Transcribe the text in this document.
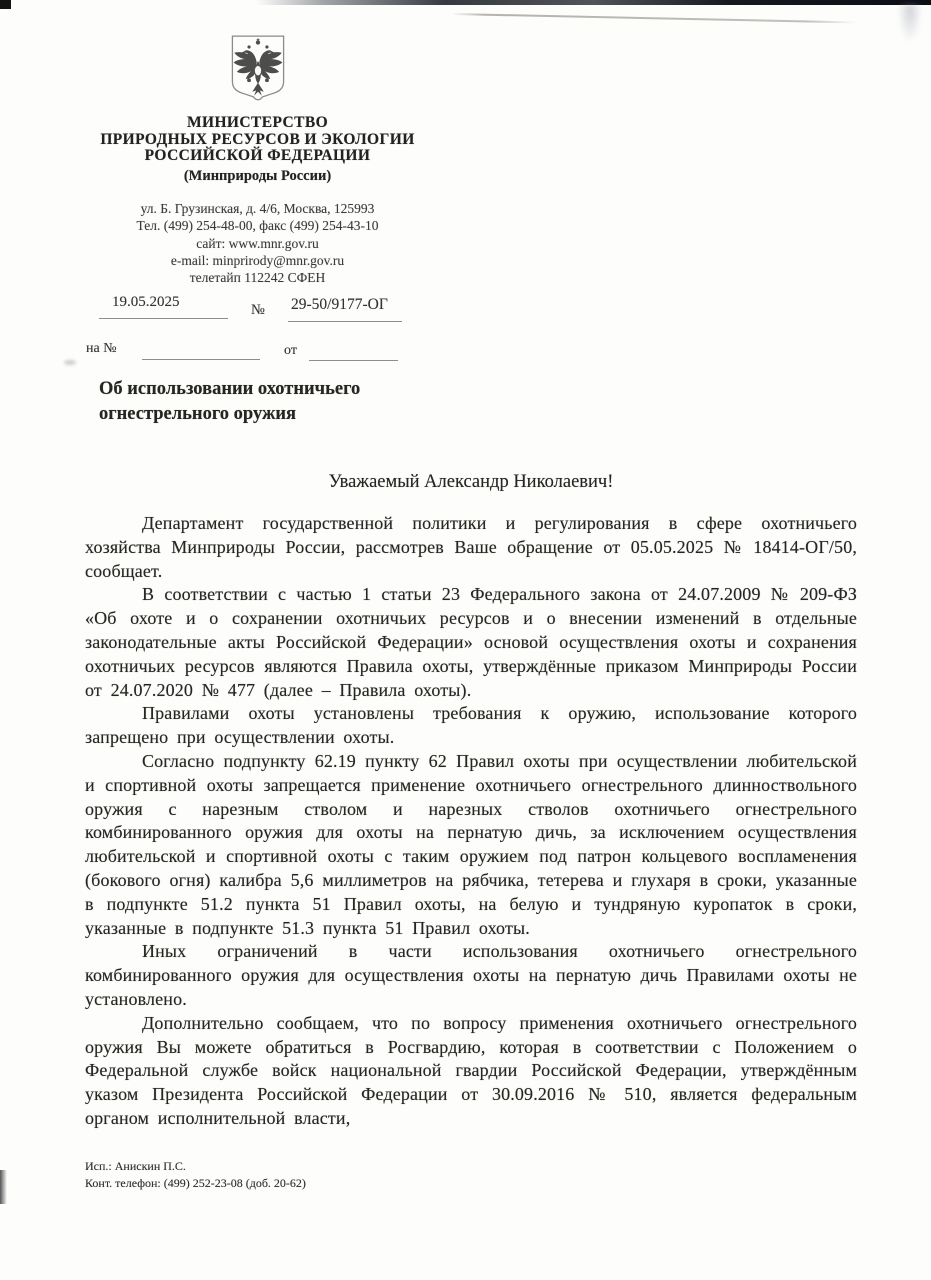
МИНИСТЕРСТВО
ПРИРОДНЫХ РЕСУРСОВ И ЭКОЛОГИИ
РОССИЙСКОЙ ФЕДЕРАЦИИ
(Минприроды России)
ул. Б. Грузинская, д. 4/6, Москва, 125993
Тел. (499) 254-48-00, факс (499) 254-43-10
сайт: www.mnr.gov.ru
e-mail: minprirody@mnr.gov.ru
телетайп 112242 СФЕН
19.05.2025	№ 29-50/9177-ОГ
на №	от
Об использовании охотничьего
огнестрельного оружия
Уважаемый Александр Николаевич!

Департамент государственной политики и регулирования в сфере охотничьего хозяйства Минприроды России, рассмотрев Ваше обращение от 05.05.2025 № 18414-ОГ/50, сообщает.

В соответствии с частью 1 статьи 23 Федерального закона от 24.07.2009 № 209-ФЗ «Об охоте и о сохранении охотничьих ресурсов и о внесении изменений в отдельные законодательные акты Российской Федерации» основой осуществления охоты и сохранения охотничьих ресурсов являются Правила охоты, утверждённые приказом Минприроды России от 24.07.2020 № 477 (далее – Правила охоты).

Правилами охоты установлены требования к оружию, использование которого запрещено при осуществлении охоты.

Согласно подпункту 62.19 пункту 62 Правил охоты при осуществлении любительской и спортивной охоты запрещается применение охотничьего огнестрельного длинноствольного оружия с нарезным стволом и нарезных стволов охотничьего огнестрельного комбинированного оружия для охоты на пернатую дичь, за исключением осуществления любительской и спортивной охоты с таким оружием под патрон кольцевого воспламенения (бокового огня) калибра 5,6 миллиметров на рябчика, тетерева и глухаря в сроки, указанные в подпункте 51.2 пункта 51 Правил охоты, на белую и тундряную куропаток в сроки, указанные в подпункте 51.3 пункта 51 Правил охоты.

Иных ограничений в части использования охотничьего огнестрельного комбинированного оружия для осуществления охоты на пернатую дичь Правилами охоты не установлено.

Дополнительно сообщаем, что по вопросу применения охотничьего огнестрельного оружия Вы можете обратиться в Росгвардию, которая в соответствии с Положением о Федеральной службе войск национальной гвардии Российской Федерации, утверждённым указом Президента Российской Федерации от 30.09.2016 № 510, является федеральным органом исполнительной власти,

Исп.: Анискин П.С.
Конт. телефон: (499) 252-23-08 (доб. 20-62)
